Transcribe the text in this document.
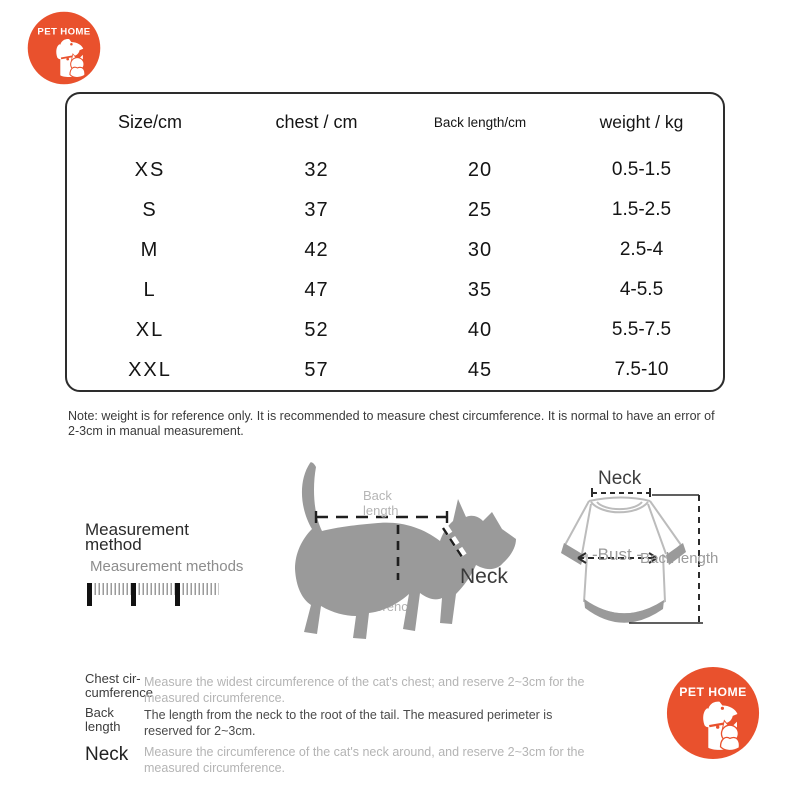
PET HOME
Size/cm	chest / cm	Back length/cm	weight / kg
XS	32	20	0.5-1.5
S	37	25	1.5-2.5
M	42	30	2.5-4
L	47	35	4-5.5
XL	52	40	5.5-7.5
XXL	57	45	7.5-10
Note: weight is for reference only. It is recommended to measure chest circumference. It is normal to have an error of 2-3cm in manual measurement.
Measurement
method
Measurement methods
Back
length
Neck
Neck
-Bust -
Back length
Chest cir-
cumference
Measure the widest circumference of the cat's chest; and reserve 2~3cm for the measured circumference.
Back
length
The length from the neck to the root of the tail. The measured perimeter is reserved for 2~3cm.
Neck Measure the circumference of the cat's neck around, and reserve 2~3cm for the measured circumference.
PET HOME
